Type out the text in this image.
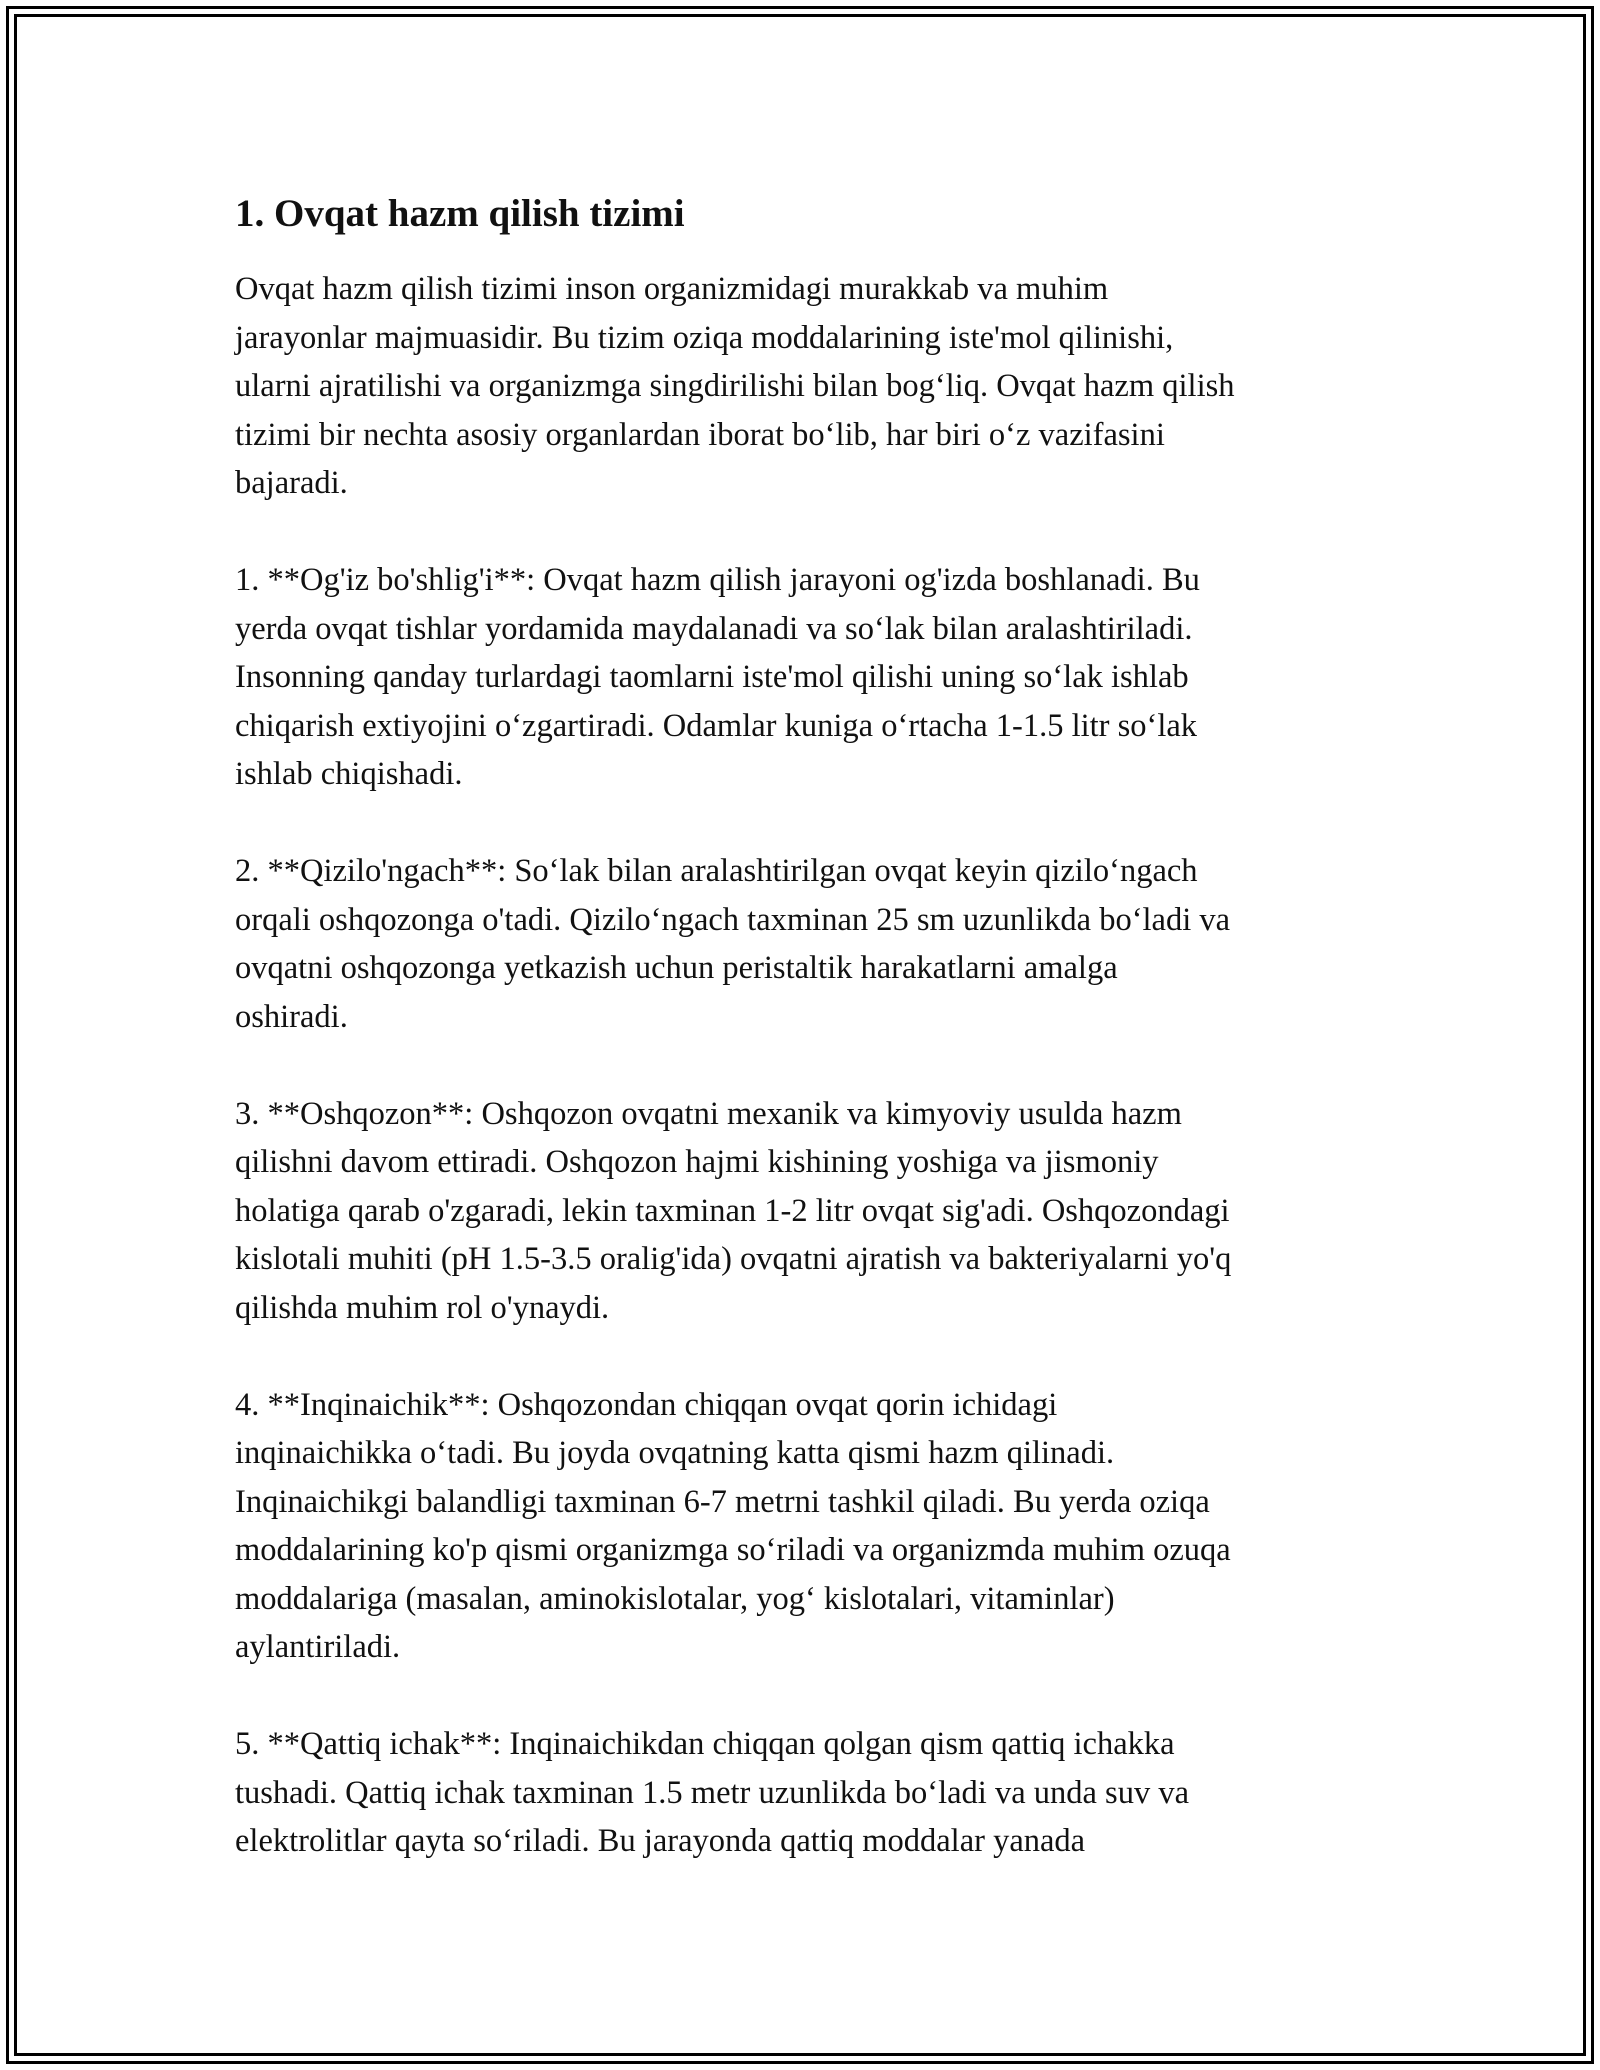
1. Ovqat hazm qilish tizimi
Ovqat hazm qilish tizimi inson organizmidagi murakkab va muhim
jarayonlar majmuasidir. Bu tizim oziqa moddalarining iste'mol qilinishi,
ularni ajratilishi va organizmga singdirilishi bilan bog‘liq. Ovqat hazm qilish
tizimi bir nechta asosiy organlardan iborat bo‘lib, har biri o‘z vazifasini
bajaradi.
1. **Og'iz bo'shlig'i**: Ovqat hazm qilish jarayoni og'izda boshlanadi. Bu
yerda ovqat tishlar yordamida maydalanadi va so‘lak bilan aralashtiriladi.
Insonning qanday turlardagi taomlarni iste'mol qilishi uning so‘lak ishlab
chiqarish extiyojini o‘zgartiradi. Odamlar kuniga o‘rtacha 1-1.5 litr so‘lak
ishlab chiqishadi.
2. **Qizilo'ngach**: So‘lak bilan aralashtirilgan ovqat keyin qizilo‘ngach
orqali oshqozonga o'tadi. Qizilo‘ngach taxminan 25 sm uzunlikda bo‘ladi va
ovqatni oshqozonga yetkazish uchun peristaltik harakatlarni amalga
oshiradi.
3. **Oshqozon**: Oshqozon ovqatni mexanik va kimyoviy usulda hazm
qilishni davom ettiradi. Oshqozon hajmi kishining yoshiga va jismoniy
holatiga qarab o'zgaradi, lekin taxminan 1-2 litr ovqat sig'adi. Oshqozondagi
kislotali muhiti (pH 1.5-3.5 oralig'ida) ovqatni ajratish va bakteriyalarni yo'q
qilishda muhim rol o'ynaydi.
4. **Inqinaichik**: Oshqozondan chiqqan ovqat qorin ichidagi
inqinaichikka o‘tadi. Bu joyda ovqatning katta qismi hazm qilinadi.
Inqinaichikgi balandligi taxminan 6-7 metrni tashkil qiladi. Bu yerda oziqa
moddalarining ko'p qismi organizmga so‘riladi va organizmda muhim ozuqa
moddalariga (masalan, aminokislotalar, yog‘ kislotalari, vitaminlar)
aylantiriladi.
5. **Qattiq ichak**: Inqinaichikdan chiqqan qolgan qism qattiq ichakka
tushadi. Qattiq ichak taxminan 1.5 metr uzunlikda bo‘ladi va unda suv va
elektrolitlar qayta so‘riladi. Bu jarayonda qattiq moddalar yanada
